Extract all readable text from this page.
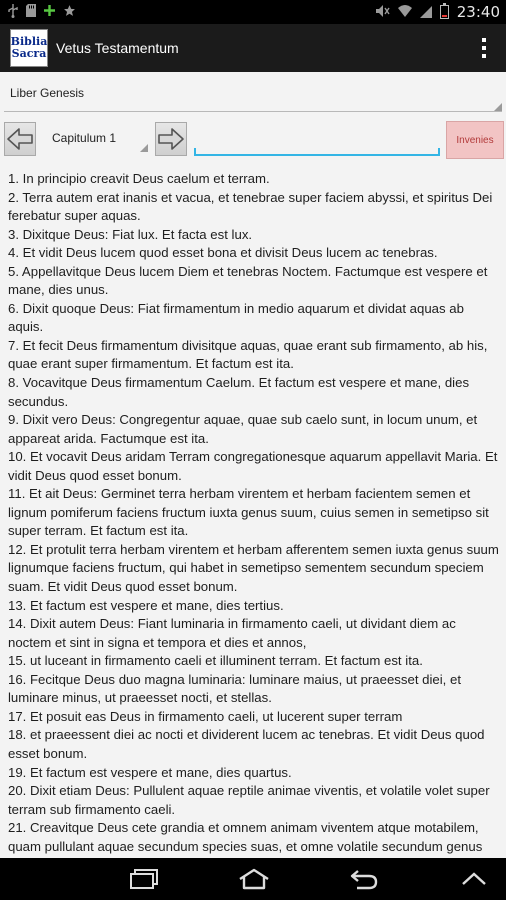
23:40
Biblia
Sacra Vetus Testamentum
Liber Genesis
Capitulum 1	Invenies
1. In principio creavit Deus caelum et terram.
2. Terra autem erat inanis et vacua, et tenebrae super faciem abyssi, et spiritus Dei ferebatur super aquas.
3. Dixitque Deus: Fiat lux. Et facta est lux.
4. Et vidit Deus lucem quod esset bona et divisit Deus lucem ac tenebras.
5. Appellavitque Deus lucem Diem et tenebras Noctem. Factumque est vespere et mane, dies unus.
6. Dixit quoque Deus: Fiat firmamentum in medio aquarum et dividat aquas ab aquis.
7. Et fecit Deus firmamentum divisitque aquas, quae erant sub firmamento, ab his, quae erant super firmamentum. Et factum est ita.
8. Vocavitque Deus firmamentum Caelum. Et factum est vespere et mane, dies secundus.
9. Dixit vero Deus: Congregentur aquae, quae sub caelo sunt, in locum unum, et appareat arida. Factumque est ita.
10. Et vocavit Deus aridam Terram congregationesque aquarum appellavit Maria. Et vidit Deus quod esset bonum.
11. Et ait Deus: Germinet terra herbam virentem et herbam facientem semen et lignum pomiferum faciens fructum iuxta genus suum, cuius semen in semetipso sit super terram. Et factum est ita.
12. Et protulit terra herbam virentem et herbam afferentem semen iuxta genus suum lignumque faciens fructum, qui habet in semetipso sementem secundum speciem suam. Et vidit Deus quod esset bonum.
13. Et factum est vespere et mane, dies tertius.
14. Dixit autem Deus: Fiant luminaria in firmamento caeli, ut dividant diem ac noctem et sint in signa et tempora et dies et annos,
15. ut luceant in firmamento caeli et illuminent terram. Et factum est ita.
16. Fecitque Deus duo magna luminaria: luminare maius, ut praeesset diei, et luminare minus, ut praeesset nocti, et stellas.
17. Et posuit eas Deus in firmamento caeli, ut lucerent super terram
18. et praeessent diei ac nocti et dividerent lucem ac tenebras. Et vidit Deus quod esset bonum.
19. Et factum est vespere et mane, dies quartus.
20. Dixit etiam Deus: Pullulent aquae reptile animae viventis, et volatile volet super terram sub firmamento caeli.
21. Creavitque Deus cete grandia et omnem animam viventem atque motabilem, quam pullulant aquae secundum species suas, et omne volatile secundum genus
